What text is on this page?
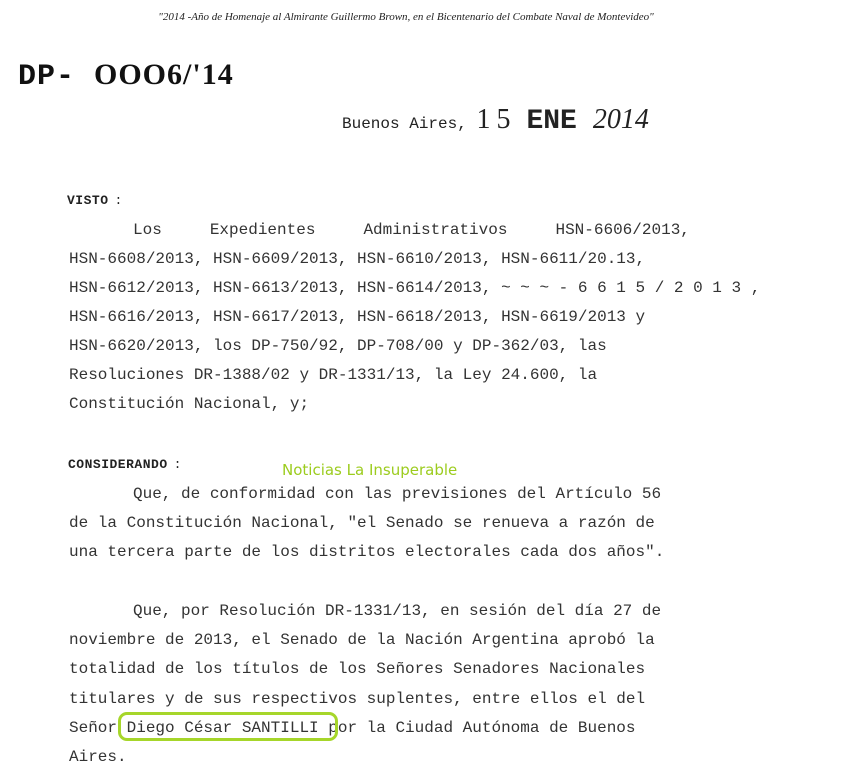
"2014 -Año de Homenaje al Almirante Guillermo Brown, en el Bicentenario del Combate Naval de Montevideo"
DP- OOO6/'14
Buenos Aires, 15 ENE 2014
VISTO :
Los     Expedientes     Administrativos     HSN-6606/2013,
HSN-6608/2013, HSN-6609/2013, HSN-6610/2013, HSN-6611/20.13,
HSN-6612/2013, HSN-6613/2013, HSN-6614/2013, ~ ~ ~ - 6 6 1 5 / 2 0 1 3 ,
HSN-6616/2013, HSN-6617/2013, HSN-6618/2013, HSN-6619/2013 y
HSN-6620/2013, los DP-750/92, DP-708/00 y DP-362/03, las
Resoluciones DR-1388/02 y DR-1331/13, la Ley 24.600, la
Constitución Nacional, y;
CONSIDERANDO :	Noticias La Insuperable
Que, de conformidad con las previsiones del Artículo 56
de la Constitución Nacional, "el Senado se renueva a razón de
una tercera parte de los distritos electorales cada dos años".
Que, por Resolución DR-1331/13, en sesión del día 27 de
noviembre de 2013, el Senado de la Nación Argentina aprobó la
totalidad de los títulos de los Señores Senadores Nacionales
titulares y de sus respectivos suplentes, entre ellos el del
Señor Diego César SANTILLI por la Ciudad Autónoma de Buenos
Aires.
